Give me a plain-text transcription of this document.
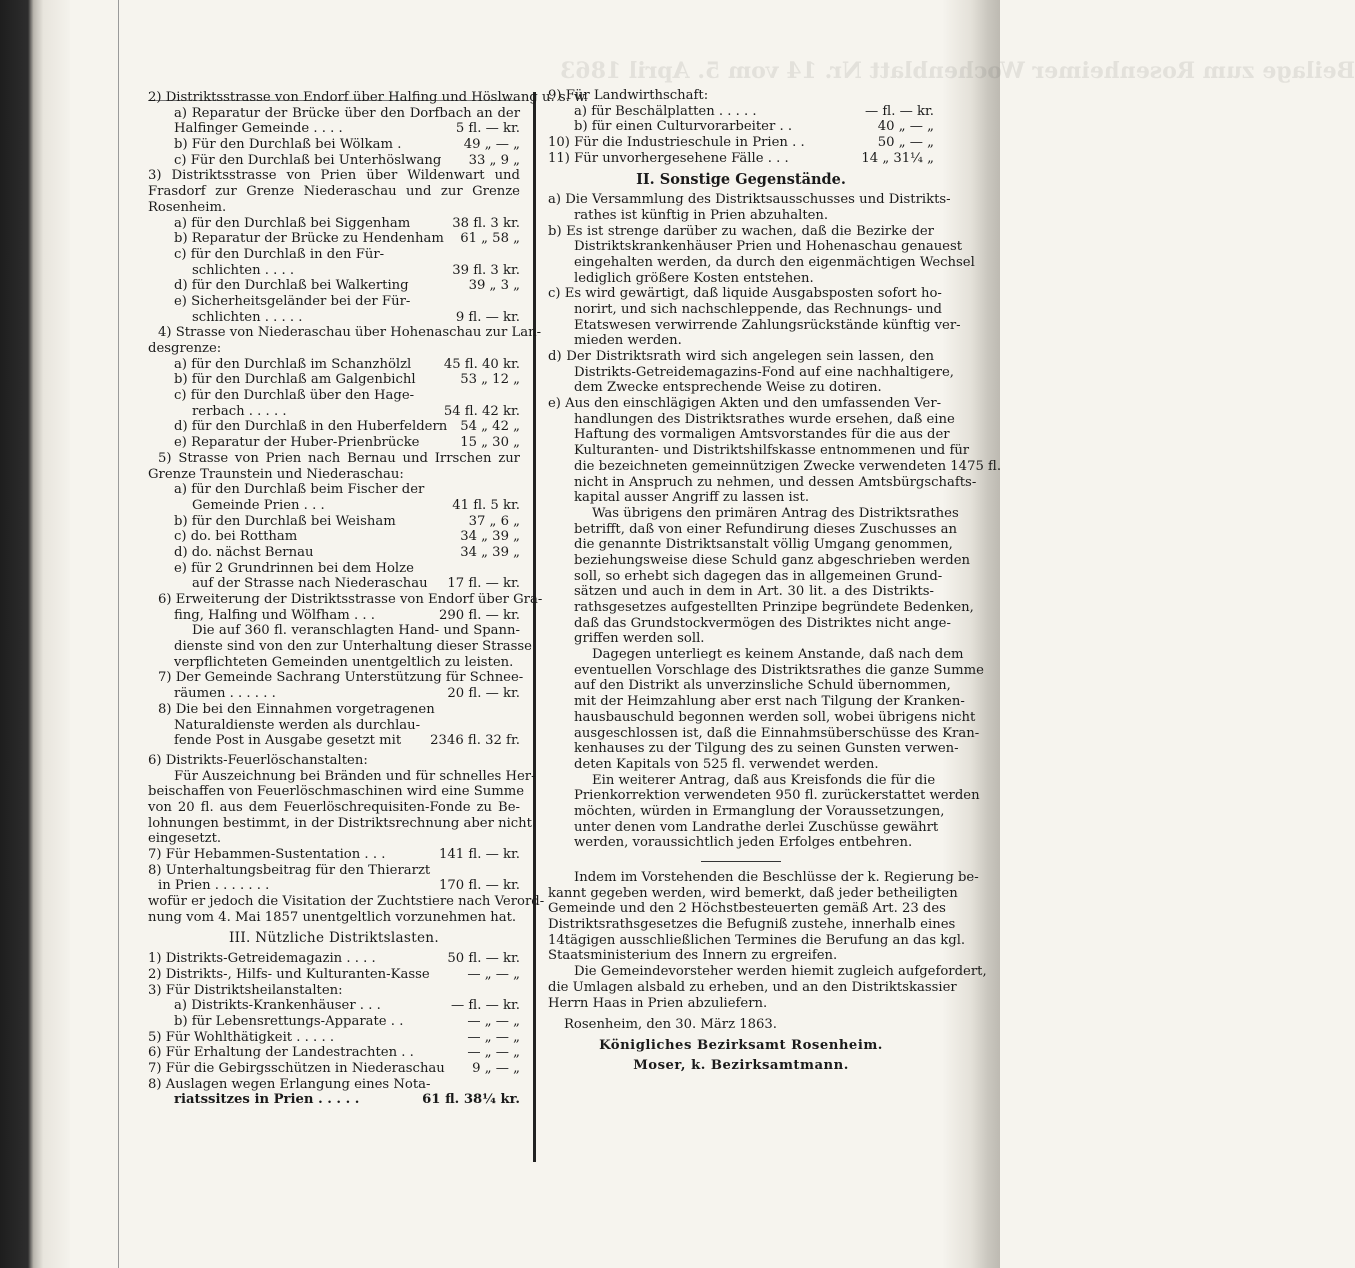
Beilage zum Rosenheimer Wochenblatt Nr. 14 vom 5. April 1863
2) Distriktsstrasse von Endorf über Halfing und Höslwang u. s. w.
a) Reparatur der Brücke über den Dorfbach an der
Halfinger Gemeinde . . . .	5 fl. — kr.
b) Für den Durchlaß bei Wölkam .	49 „ — „
c) Für den Durchlaß bei Unterhöslwang 33 „ 9 „
3) Distriktsstrasse von Prien über Wildenwart und
Frasdorf zur Grenze Niederaschau und zur Grenze
Rosenheim.
a) für den Durchlaß bei Siggenham	38 fl. 3 kr.
b) Reparatur der Brücke zu Hendenham 61 „ 58 „
c) für den Durchlaß in den Für-
schlichten . . . .	39 fl. 3 kr.
d) für den Durchlaß bei Walkerting	39 „ 3 „
e) Sicherheitsgeländer bei der Für-
schlichten . . . . .	9 fl. — kr.
4) Strasse von Niederaschau über Hohenaschau zur Lan-
desgrenze:
a) für den Durchlaß im Schanzhölzl 45 fl. 40 kr.
b) für den Durchlaß am Galgenbichl	53 „ 12 „
c) für den Durchlaß über den Hage-
rerbach . . . . .	54 fl. 42 kr.
d) für den Durchlaß in den Huberfeldern 54 „ 42 „
e) Reparatur der Huber-Prienbrücke	15 „ 30 „
5) Strasse von Prien nach Bernau und Irrschen zur
Grenze Traunstein und Niederaschau:
a) für den Durchlaß beim Fischer der
Gemeinde Prien . . .	41 fl. 5 kr.
b) für den Durchlaß bei Weisham	37 „ 6 „
c) do. bei Rottham	34 „ 39 „
d) do. nächst Bernau	34 „ 39 „
e) für 2 Grundrinnen bei dem Holze
auf der Strasse nach Niederaschau 17 fl. — kr.
6) Erweiterung der Distriktsstrasse von Endorf über Gra-
fing, Halfing und Wölfham . . .	290 fl. — kr.
Die auf 360 fl. veranschlagten Hand- und Spann-
dienste sind von den zur Unterhaltung dieser Strasse
verpflichteten Gemeinden unentgeltlich zu leisten.
7) Der Gemeinde Sachrang Unterstützung für Schnee-
räumen . . . . . .	20 fl. — kr.
8) Die bei den Einnahmen vorgetragenen
Naturaldienste werden als durchlau-
fende Post in Ausgabe gesetzt mit 2346 fl. 32 fr.
6) Distrikts-Feuerlöschanstalten:
Für Auszeichnung bei Bränden und für schnelles Her-
beischaffen von Feuerlöschmaschinen wird eine Summe
von 20 fl. aus dem Feuerlöschrequisiten-Fonde zu Be-
lohnungen bestimmt, in der Distriktsrechnung aber nicht
eingesetzt.
7) Für Hebammen-Sustentation . . .	141 fl. — kr.
8) Unterhaltungsbeitrag für den Thierarzt
in Prien . . . . . . .	170 fl. — kr.
wofür er jedoch die Visitation der Zuchtstiere nach Verord-
nung vom 4. Mai 1857 unentgeltlich vorzunehmen hat.
III. Nützliche Distriktslasten.
1) Distrikts-Getreidemagazin . . . .	50 fl. — kr.
2) Distrikts-, Hilfs- und Kulturanten-Kasse	— „ — „
3) Für Distriktsheilanstalten:
a) Distrikts-Krankenhäuser . . .	— fl. — kr.
b) für Lebensrettungs-Apparate . .	— „ — „
5) Für Wohlthätigkeit . . . . .	— „ — „
6) Für Erhaltung der Landestrachten . .	— „ — „
7) Für die Gebirgsschützen in Niederaschau 9 „ — „
8) Auslagen wegen Erlangung eines Nota-
riatssitzes in Prien . . . . .	61 fl. 38¼ kr.
9) Für Landwirthschaft:
a) für Beschälplatten . . . . .	— fl. — kr.
b) für einen Culturvorarbeiter . .	40 „ — „
10) Für die Industrieschule in Prien . .	50 „ — „
11) Für unvorhergesehene Fälle . . .	14 „ 31¼ „
II. Sonstige Gegenstände.
a) Die Versammlung des Distriktsausschusses und Distrikts-
rathes ist künftig in Prien abzuhalten.
b) Es ist strenge darüber zu wachen, daß die Bezirke der
Distriktskrankenhäuser Prien und Hohenaschau genauest
eingehalten werden, da durch den eigenmächtigen Wechsel
lediglich größere Kosten entstehen.
c) Es wird gewärtigt, daß liquide Ausgabsposten sofort ho-
norirt, und sich nachschleppende, das Rechnungs- und
Etatswesen verwirrende Zahlungsrückstände künftig ver-
mieden werden.
d) Der Distriktsrath wird sich angelegen sein lassen, den
Distrikts-Getreidemagazins-Fond auf eine nachhaltigere,
dem Zwecke entsprechende Weise zu dotiren.
e) Aus den einschlägigen Akten und den umfassenden Ver-
handlungen des Distriktsrathes wurde ersehen, daß eine
Haftung des vormaligen Amtsvorstandes für die aus der
Kulturanten- und Distriktshilfskasse entnommenen und für
die bezeichneten gemeinnützigen Zwecke verwendeten 1475 fl.
nicht in Anspruch zu nehmen, und dessen Amtsbürgschafts-
kapital ausser Angriff zu lassen ist.
Was übrigens den primären Antrag des Distriktsrathes
betrifft, daß von einer Refundirung dieses Zuschusses an
die genannte Distriktsanstalt völlig Umgang genommen,
beziehungsweise diese Schuld ganz abgeschrieben werden
soll, so erhebt sich dagegen das in allgemeinen Grund-
sätzen und auch in dem in Art. 30 lit. a des Distrikts-
rathsgesetzes aufgestellten Prinzipe begründete Bedenken,
daß das Grundstockvermögen des Distriktes nicht ange-
griffen werden soll.
Dagegen unterliegt es keinem Anstande, daß nach dem
eventuellen Vorschlage des Distriktsrathes die ganze Summe
auf den Distrikt als unverzinsliche Schuld übernommen,
mit der Heimzahlung aber erst nach Tilgung der Kranken-
hausbauschuld begonnen werden soll, wobei übrigens nicht
ausgeschlossen ist, daß die Einnahmsüberschüsse des Kran-
kenhauses zu der Tilgung des zu seinen Gunsten verwen-
deten Kapitals von 525 fl. verwendet werden.
Ein weiterer Antrag, daß aus Kreisfonds die für die
Prienkorrektion verwendeten 950 fl. zurückerstattet werden
möchten, würden in Ermanglung der Voraussetzungen,
unter denen vom Landrathe derlei Zuschüsse gewährt
werden, voraussichtlich jeden Erfolges entbehren.
Indem im Vorstehenden die Beschlüsse der k. Regierung be-
kannt gegeben werden, wird bemerkt, daß jeder betheiligten
Gemeinde und den 2 Höchstbesteuerten gemäß Art. 23 des
Distriktsrathsgesetzes die Befugniß zustehe, innerhalb eines
14tägigen ausschließlichen Termines die Berufung an das kgl.
Staatsministerium des Innern zu ergreifen.
Die Gemeindevorsteher werden hiemit zugleich aufgefordert,
die Umlagen alsbald zu erheben, und an den Distriktskassier
Herrn Haas in Prien abzuliefern.
Rosenheim, den 30. März 1863.
Königliches Bezirksamt Rosenheim.
Moser, k. Bezirksamtmann.
